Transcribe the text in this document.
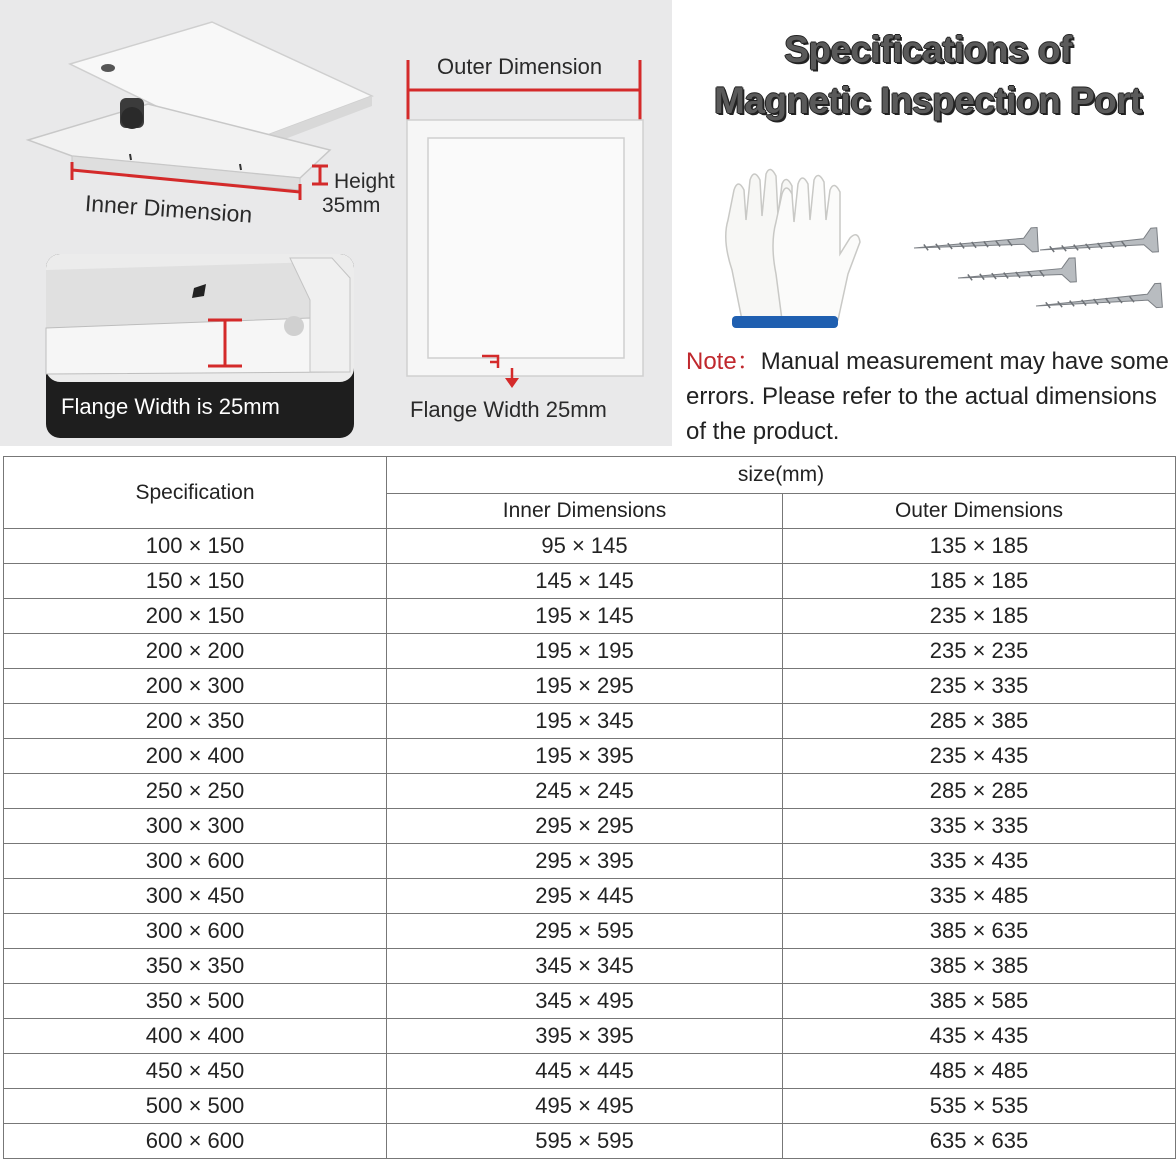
Outer Dimension
Inner Dimension
Height
35mm
Flange Width is 25mm	Flange Width 25mm
Specifications of
Magnetic Inspection Port
Note：Manual measurement may have some errors. Please refer to the actual dimensions of the product.
Specification	size(mm)	
	Inner Dimensions	Outer Dimensions
100 × 150	95 × 145	135 × 185
150 × 150	145 × 145	185 × 185
200 × 150	195 × 145	235 × 185
200 × 200	195 × 195	235 × 235
200 × 300	195 × 295	235 × 335
200 × 350	195 × 345	285 × 385
200 × 400	195 × 395	235 × 435
250 × 250	245 × 245	285 × 285
300 × 300	295 × 295	335 × 335
300 × 600	295 × 395	335 × 435
300 × 450	295 × 445	335 × 485
300 × 600	295 × 595	385 × 635
350 × 350	345 × 345	385 × 385
350 × 500	345 × 495	385 × 585
400 × 400	395 × 395	435 × 435
450 × 450	445 × 445	485 × 485
500 × 500	495 × 495	535 × 535
600 × 600	595 × 595	635 × 635
